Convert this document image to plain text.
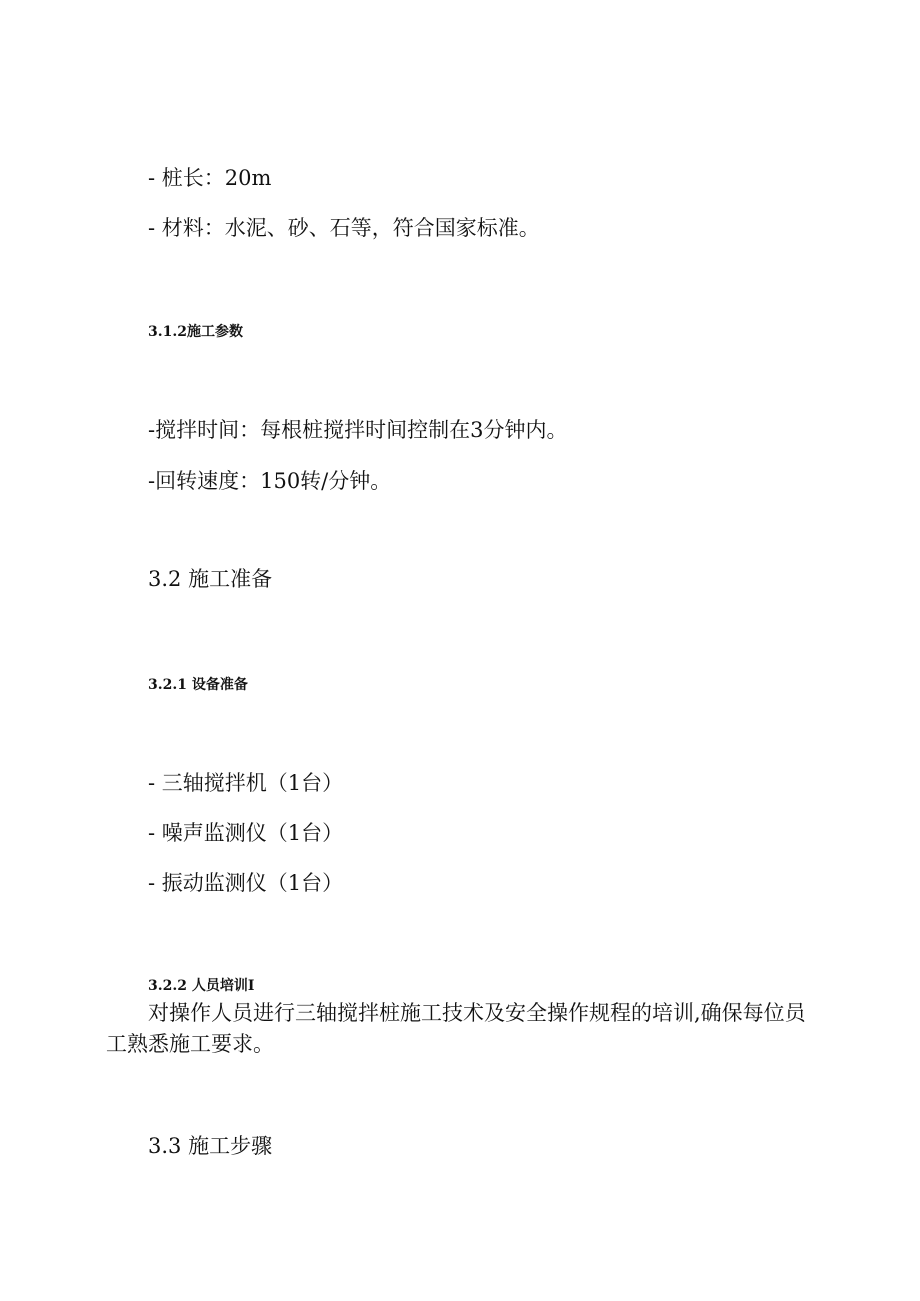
- 桩长：20m
- 材料：水泥、砂、石等，符合国家标准。
3.1.2施工参数
-搅拌时间：每根桩搅拌时间控制在3分钟内。
-回转速度：150转/分钟。
3.2 施工准备
3.2.1 设备准备
- 三轴搅拌机（1台）
- 噪声监测仪（1台）
- 振动监测仪（1台）
3.2.2 人员培训I
对操作人员进行三轴搅拌桩施工技术及安全操作规程的培训,确保每位员工熟悉施工要求。
3.3 施工步骤
